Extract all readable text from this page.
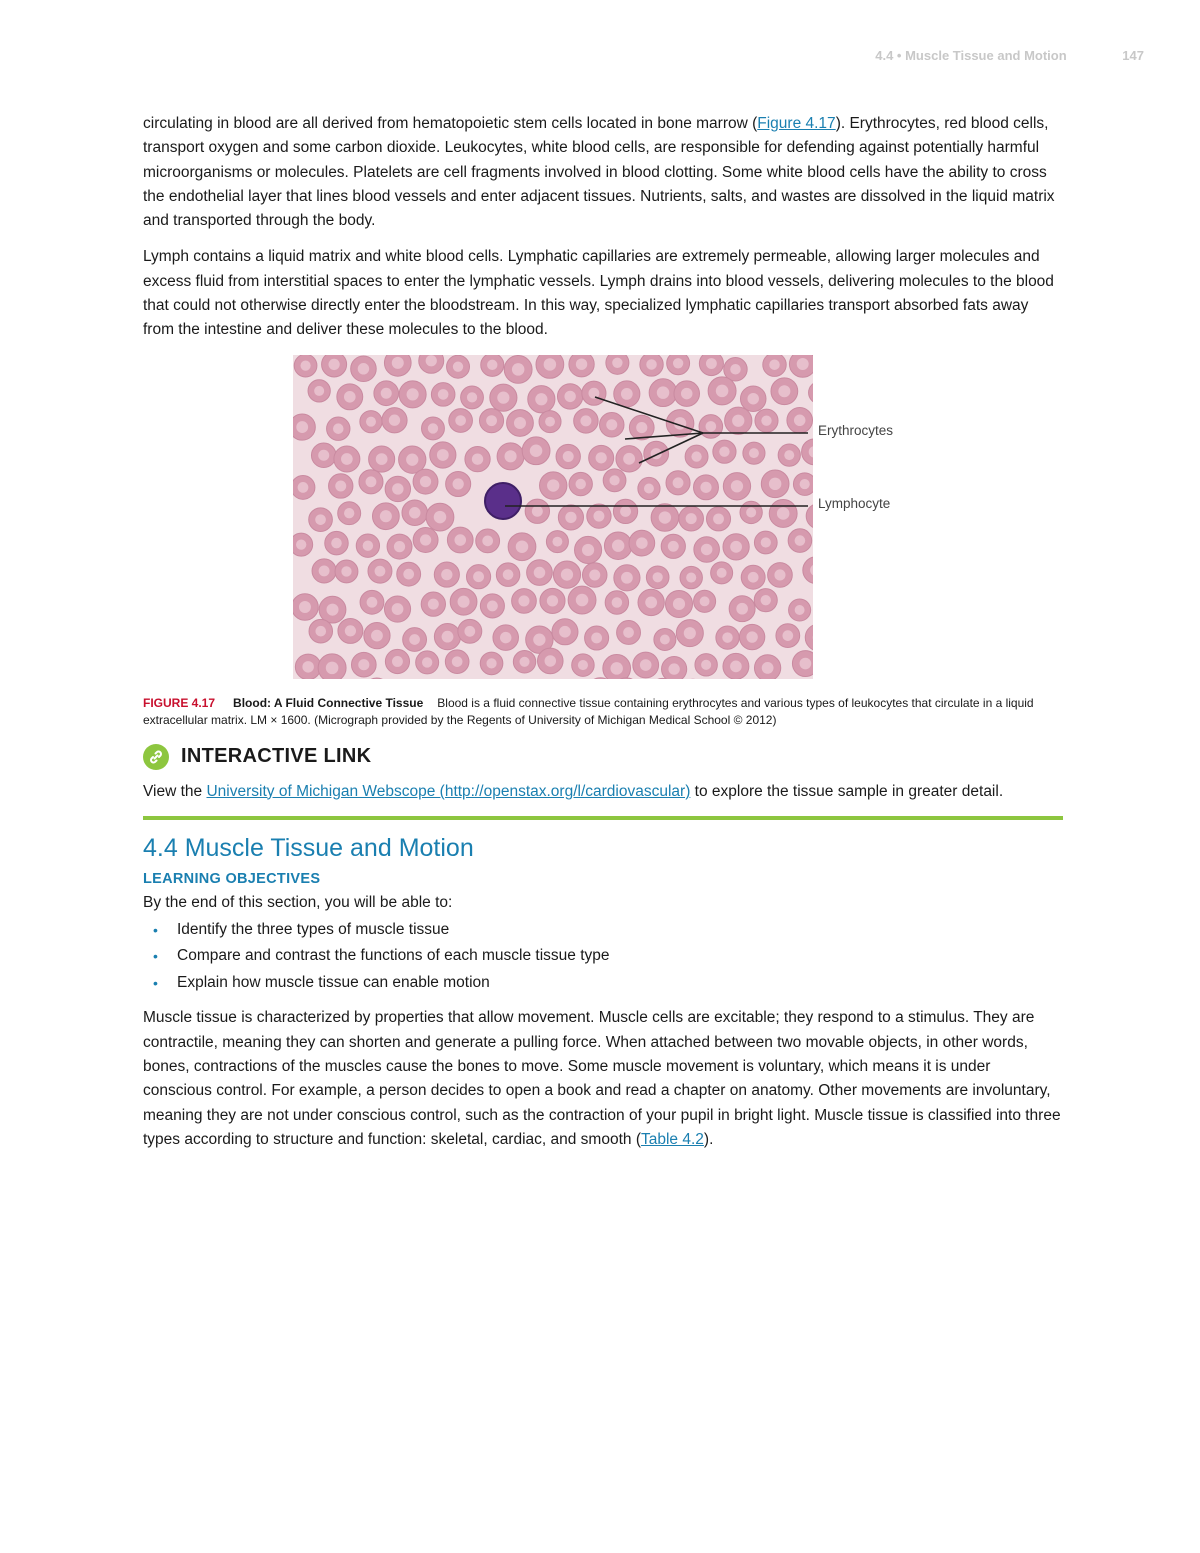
4.4 • Muscle Tissue and Motion	147

circulating in blood are all derived from hematopoietic stem cells located in bone marrow (Figure 4.17). Erythrocytes, red blood cells, transport oxygen and some carbon dioxide. Leukocytes, white blood cells, are responsible for defending against potentially harmful microorganisms or molecules. Platelets are cell fragments involved in blood clotting. Some white blood cells have the ability to cross the endothelial layer that lines blood vessels and enter adjacent tissues. Nutrients, salts, and wastes are dissolved in the liquid matrix and transported through the body.

Lymph contains a liquid matrix and white blood cells. Lymphatic capillaries are extremely permeable, allowing larger molecules and excess fluid from interstitial spaces to enter the lymphatic vessels. Lymph drains into blood vessels, delivering molecules to the blood that could not otherwise directly enter the bloodstream. In this way, specialized lymphatic capillaries transport absorbed fats away from the intestine and deliver these molecules to the blood.

Erythrocytes
Lymphocyte

FIGURE 4.17 Blood: A Fluid Connective Tissue Blood is a fluid connective tissue containing erythrocytes and various types of leukocytes that circulate in a liquid extracellular matrix. LM × 1600. (Micrograph provided by the Regents of University of Michigan Medical School © 2012)

INTERACTIVE LINK

View the University of Michigan Webscope (http://openstax.org/l/cardiovascular) to explore the tissue sample in greater detail.

4.4 Muscle Tissue and Motion
LEARNING OBJECTIVES

By the end of this section, you will be able to:

•	Identify the three types of muscle tissue
•	Compare and contrast the functions of each muscle tissue type
•	Explain how muscle tissue can enable motion

Muscle tissue is characterized by properties that allow movement. Muscle cells are excitable; they respond to a stimulus. They are contractile, meaning they can shorten and generate a pulling force. When attached between two movable objects, in other words, bones, contractions of the muscles cause the bones to move. Some muscle movement is voluntary, which means it is under conscious control. For example, a person decides to open a book and read a chapter on anatomy. Other movements are involuntary, meaning they are not under conscious control, such as the contraction of your pupil in bright light. Muscle tissue is classified into three types according to structure and function: skeletal, cardiac, and smooth (Table 4.2).
